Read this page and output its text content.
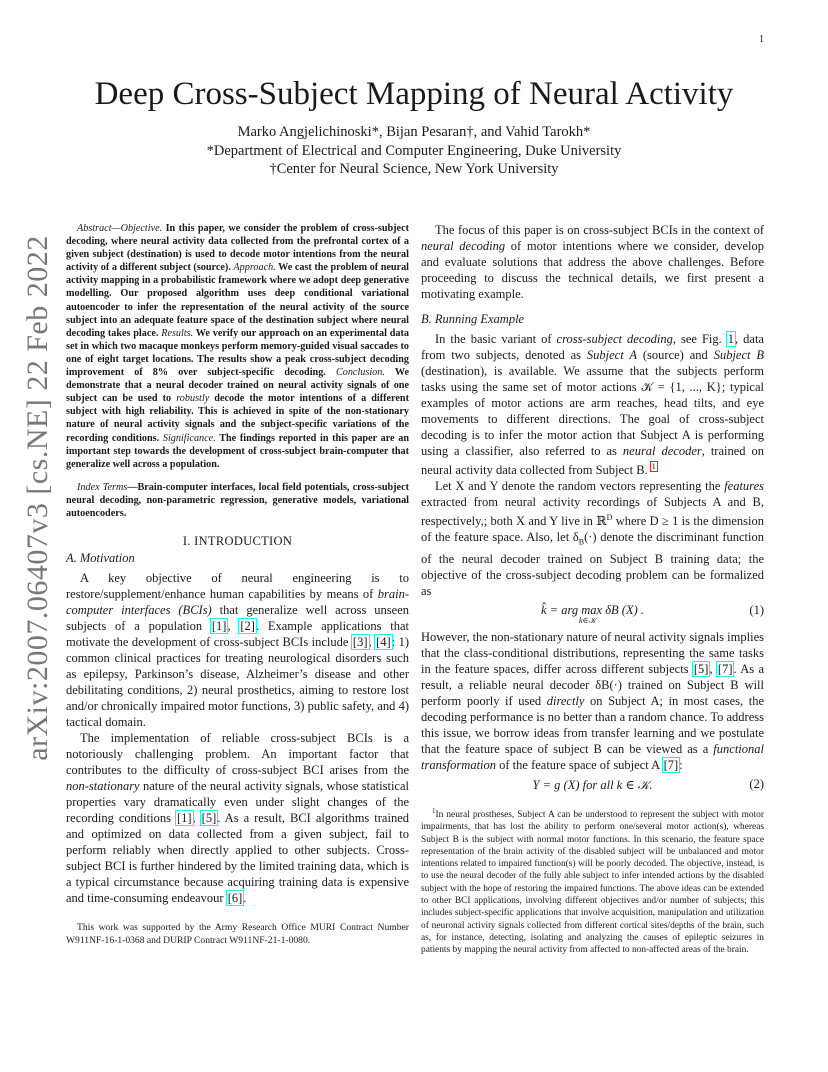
1
arXiv:2007.06407v3 [cs.NE] 22 Feb 2022
Deep Cross-Subject Mapping of Neural Activity
Marko Angjelichinoski*, Bijan Pesaran†, and Vahid Tarokh*
*Department of Electrical and Computer Engineering, Duke University
†Center for Neural Science, New York University

Abstract—Objective. In this paper, we consider the problem of cross-subject decoding, where neural activity data collected from the prefrontal cortex of a given subject (destination) is used to decode motor intentions from the neural activity of a different subject (source). Approach. We cast the problem of neural activity mapping in a probabilistic framework where we adopt deep generative modelling. Our proposed algorithm uses deep conditional variational autoencoder to infer the representation of the neural activity of the source subject into an adequate feature space of the destination subject where neural decoding takes place. Results. We verify our approach on an experimental data set in which two macaque monkeys perform memory-guided visual saccades to one of eight target locations. The results show a peak cross-subject decoding improvement of 8% over subject-specific decoding. Conclusion. We demonstrate that a neural decoder trained on neural activity signals of one subject can be used to robustly decode the motor intentions of a different subject with high reliability. This is achieved in spite of the non-stationary nature of neural activity signals and the subject-specific variations of the recording conditions. Significance. The findings reported in this paper are an important step towards the development of cross-subject brain-computer that generalize well across a population.

Index Terms—Brain-computer interfaces, local field potentials, cross-subject neural decoding, non-parametric regression, generative models, variational autoencoders.

I. INTRODUCTION
A. Motivation

A key objective of neural engineering is to restore/supplement/enhance human capabilities by means of brain-computer interfaces (BCIs) that generalize well across unseen subjects of a population [1], [2]. Example applications that motivate the development of cross-subject BCIs include [3], [4]: 1) common clinical practices for treating neurological disorders such as epilepsy, Parkinson’s disease, Alzheimer’s disease and other debilitating conditions, 2) neural prosthetics, aiming to restore lost and/or chronically impaired motor functions, 3) public safety, and 4) tactical domain.

The implementation of reliable cross-subject BCIs is a notoriously challenging problem. An important factor that contributes to the difficulty of cross-subject BCI arises from the non-stationary nature of the neural activity signals, whose statistical properties vary dramatically even under slight changes of the recording conditions [1], [5]. As a result, BCI algorithms trained and optimized on data collected from a given subject, fail to perform reliably when directly applied to other subjects. Cross-subject BCI is further hindered by the limited training data, which is a typical circumstance because acquiring training data is expensive and time-consuming endeavour [6].

This work was supported by the Army Research Office MURI Contract Number W911NF-16-1-0368 and DURIP Contract W911NF-21-1-0080.

The focus of this paper is on cross-subject BCIs in the context of neural decoding of motor intentions where we consider, develop and evaluate solutions that address the above challenges. Before proceeding to discuss the technical details, we first present a motivating example.

B. Running Example

In the basic variant of cross-subject decoding, see Fig. 1, data from two subjects, denoted as Subject A (source) and Subject B (destination), is available. We assume that the subjects perform tasks using the same set of motor actions 𝒦 = {1, ..., K}; typical examples of motor actions are arm reaches, head tilts, and eye movements to different directions. The goal of cross-subject decoding is to infer the motor action that Subject A is performing using a classifier, also referred to as neural decoder, trained on neural activity data collected from Subject B. $^1$

Let X and Y denote the random vectors representing the features extracted from neural activity recordings of Subjects A and B, respectively,; both X and Y live in ℝ$^D$ where D ≥ 1 is the dimension of the feature space. Also, let $\delta_B(\cdot)$ denote the discriminant function of the neural decoder trained on Subject B training data; the objective of the cross-subject decoding problem can be formalized as

k̂ = arg max δB (X) .
k∈𝒦
(1)

However, the non-stationary nature of neural activity signals implies that the class-conditional distributions, representing the same tasks in the feature spaces, differ across different subjects [5], [7]. As a result, a reliable neural decoder δB(·) trained on Subject B will perform poorly if used directly on Subject A; in most cases, the decoding performance is no better than a random chance. To address this issue, we borrow ideas from transfer learning and we postulate that the feature space of subject B can be viewed as a functional transformation of the feature space of subject A [7]:

Y = g (X) for all k ∈ 𝒦.	(2)

$^1$In neural prostheses, Subject A can be understood to represent the subject with motor impairments, that has lost the ability to perform one/several motor action(s), whereas Subject B is the subject with normal motor functions. In this scenario, the feature space representation of the brain activity of the disabled subject will be unbalanced and motor intentions related to impaired function(s) will be poorly decoded. The objective, instead, is to use the neural decoder of the fully able subject to infer intended actions by the disabled subject with the hope of restoring the impaired functions. The above ideas can be extended to other BCI applications, involving different objectives and/or number of subjects; this includes subject-specific applications that involve acquisition, manipulation and utilization of neuronal activity signals collected from different cortical sites/depths of the brain, such as, for instance, detecting, isolating and analyzing the causes of epileptic seizures in patients by mapping the neural activity from affected to non-affected areas of the brain.
